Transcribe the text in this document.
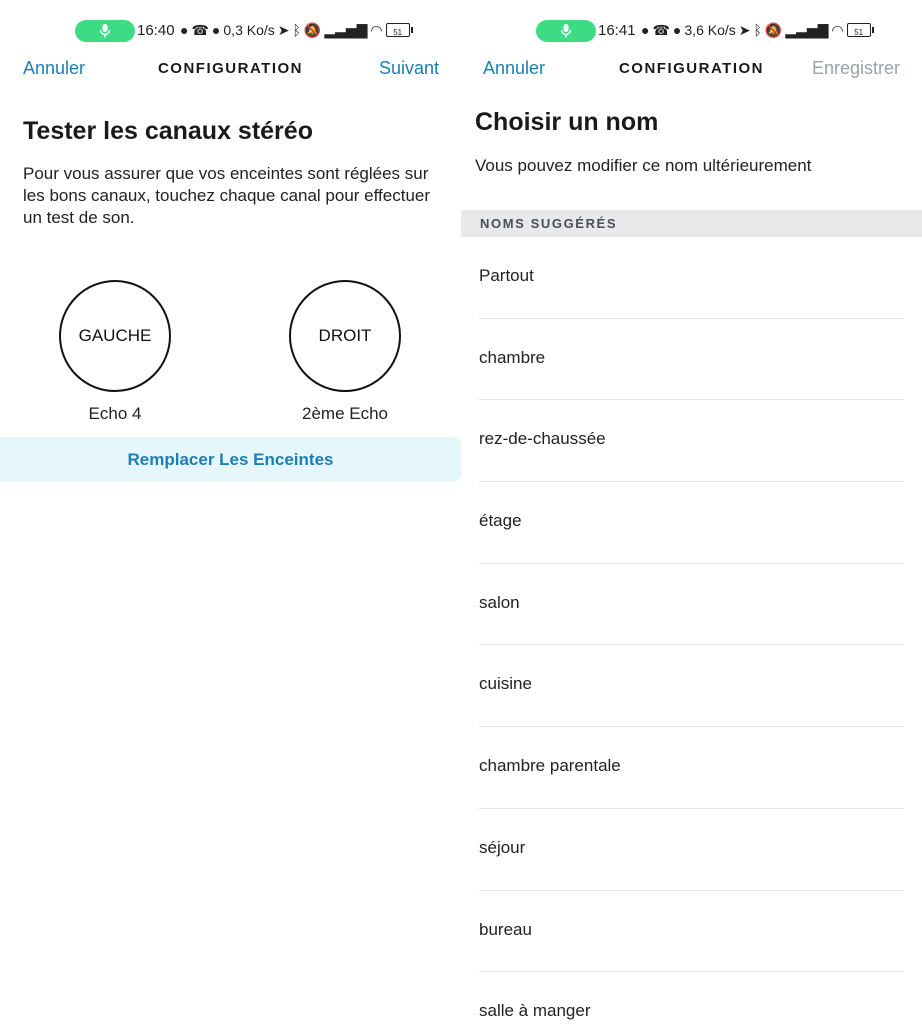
16:40 ● ☎ ● 0,3 Ko/s ➤ ᛒ 🔕 ▂▃▅▇ ◠	51
Annuler	CONFIGURATION	Suivant
Tester les canaux stéréo
Pour vous assurer que vos enceintes sont réglées sur les bons canaux, touchez chaque canal pour effectuer un test de son.
GAUCHE	DROIT
Echo 4	2ème Echo
Remplacer Les Enceintes
16:41 ● ☎ ● 3,6 Ko/s ➤ ᛒ 🔕 ▂▃▅▇ ◠	51
Annuler	CONFIGURATION	Enregistrer
Choisir un nom
Vous pouvez modifier ce nom ultérieurement
NOMS SUGGÉRÉS
Partout
chambre
rez-de-chaussée
étage
salon
cuisine
chambre parentale
séjour
bureau
salle à manger
